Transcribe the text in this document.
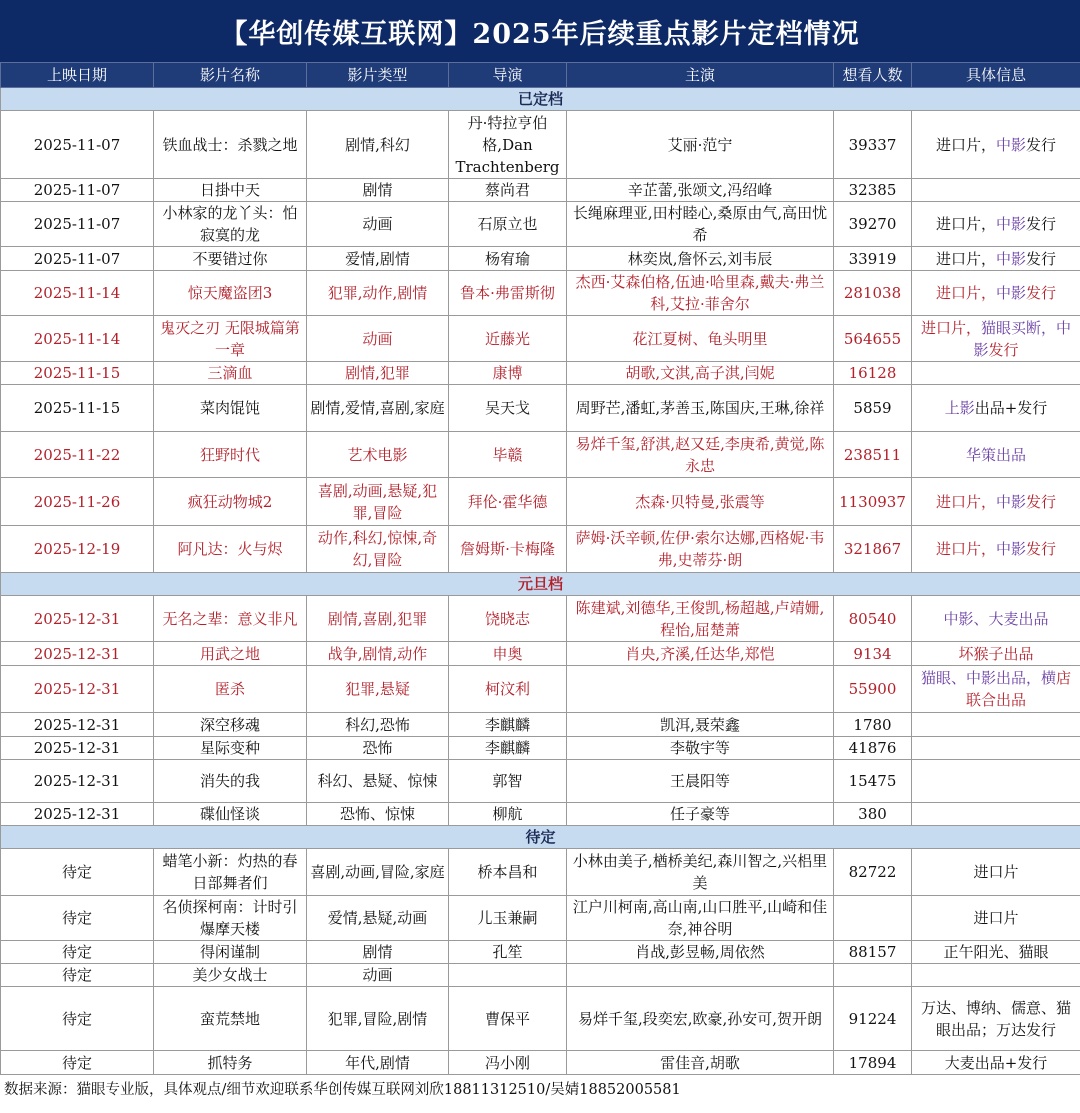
【华创传媒互联网】2025年后续重点影片定档情况
上映日期	影片名称	影片类型	导演	主演	想看人数	具体信息
已定档						
2025-11-07	铁血战士：杀戮之地	剧情,科幻	丹·特拉亨伯格,Dan Trachtenberg	艾丽·范宁	39337	进口片，中影发行
2025-11-07	日掛中天	剧情	蔡尚君	辛芷蕾,张颂文,冯绍峰	32385	
2025-11-07	小林家的龙丫头：怕寂寞的龙	动画	石原立也	长绳麻理亚,田村睦心,桑原由气,高田忧希	39270	进口片，中影发行
2025-11-07	不要错过你	爱情,剧情	杨宥瑜	林奕岚,詹怀云,刘韦辰	33919	进口片，中影发行
2025-11-14	惊天魔盗团3	犯罪,动作,剧情	鲁本·弗雷斯彻	杰西·艾森伯格,伍迪·哈里森,戴夫·弗兰科,艾拉·菲舍尔	281038	进口片，中影发行
2025-11-14	鬼灭之刃 无限城篇第一章	动画	近藤光	花江夏树、龟头明里	564655	进口片，猫眼买断，中影发行
2025-11-15	三滴血	剧情,犯罪	康博	胡歌,文淇,高子淇,闫妮	16128	
2025-11-15	菜肉馄饨	剧情,爱情,喜剧,家庭	吴天戈	周野芒,潘虹,茅善玉,陈国庆,王琳,徐祥	5859	上影出品+发行
2025-11-22	狂野时代	艺术电影	毕赣	易烊千玺,舒淇,赵又廷,李庚希,黄觉,陈永忠	238511	华策出品
2025-11-26	疯狂动物城2	喜剧,动画,悬疑,犯罪,冒险	拜伦·霍华德	杰森·贝特曼,张震等	1130937	进口片，中影发行
2025-12-19	阿凡达：火与烬	动作,科幻,惊悚,奇幻,冒险	詹姆斯·卡梅隆	萨姆·沃辛顿,佐伊·索尔达娜,西格妮·韦弗,史蒂芬·朗	321867	进口片，中影发行
元旦档						
2025-12-31	无名之辈：意义非凡	剧情,喜剧,犯罪	饶晓志	陈建斌,刘德华,王俊凯,杨超越,卢靖姗,程怡,屈楚萧	80540	中影、大麦出品
2025-12-31	用武之地	战争,剧情,动作	申奥	肖央,齐溪,任达华,郑恺	9134	坏猴子出品
2025-12-31	匿杀	犯罪,悬疑	柯汶利		55900	猫眼、中影出品，横店联合出品
2025-12-31	深空移魂	科幻,恐怖	李麒麟	凯洱,聂荣鑫	1780	
2025-12-31	星际变种	恐怖	李麒麟	李敬宇等	41876	
2025-12-31	消失的我	科幻、悬疑、惊悚	郭智	王晨阳等	15475	
2025-12-31	碟仙怪谈	恐怖、惊悚	柳航	任子豪等	380	
待定						
待定	蜡笔小新：灼热的春日部舞者们	喜剧,动画,冒险,家庭	桥本昌和	小林由美子,楢桥美纪,森川智之,兴梠里美	82722	进口片
待定	名侦探柯南：计时引爆摩天楼	爱情,悬疑,动画	儿玉兼嗣	江户川柯南,高山南,山口胜平,山崎和佳奈,神谷明		进口片
待定	得闲谨制	剧情	孔笙	肖战,彭昱畅,周依然	88157	正午阳光、猫眼
待定	美少女战士	动画				
待定	蛮荒禁地	犯罪,冒险,剧情	曹保平	易烊千玺,段奕宏,欧豪,孙安可,贺开朗	91224	万达、博纳、儒意、猫眼出品；万达发行
待定	抓特务	年代,剧情	冯小刚	雷佳音,胡歌	17894	大麦出品+发行
数据来源：猫眼专业版，具体观点/细节欢迎联系华创传媒互联网刘欣18811312510/吴婧18852005581
